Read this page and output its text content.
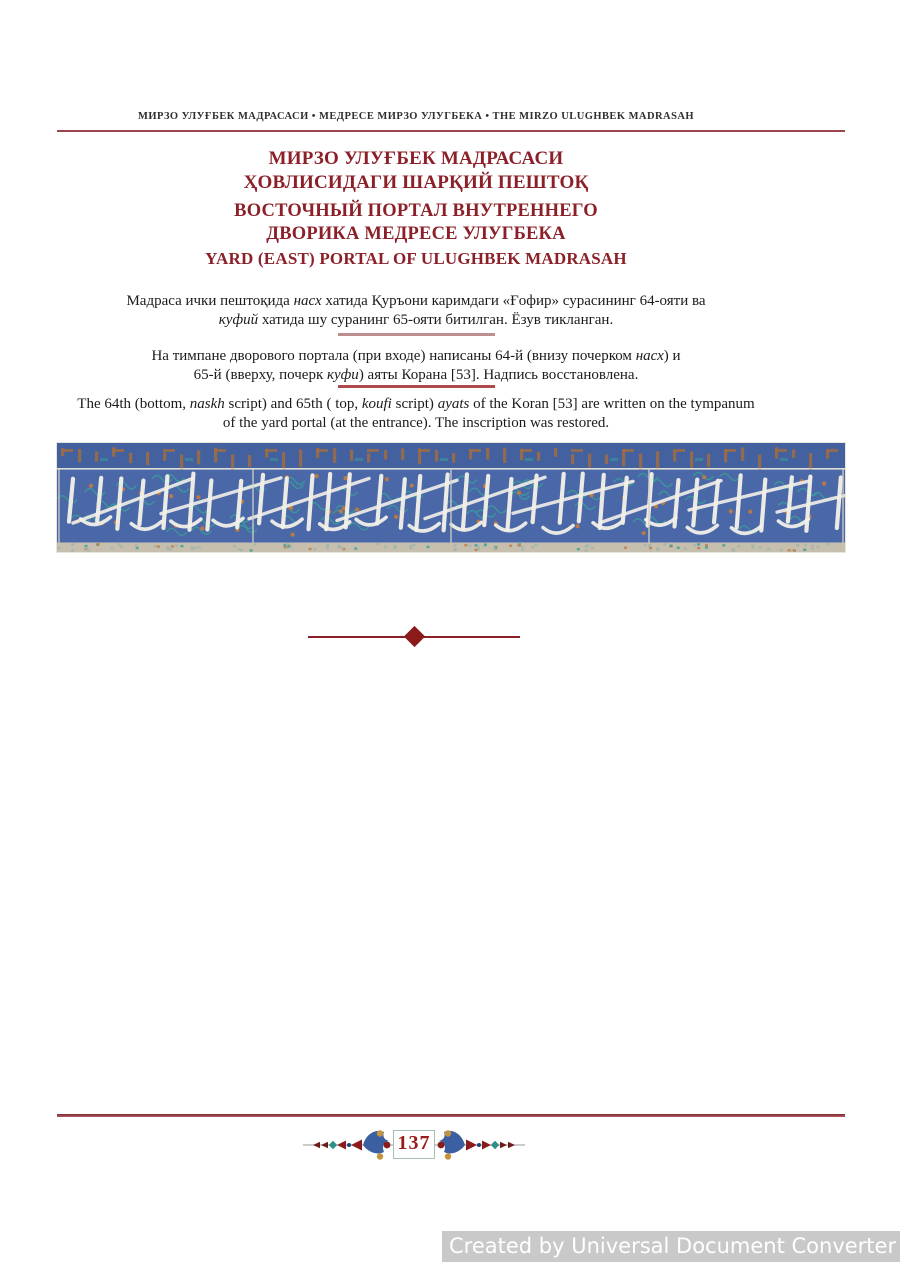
МИРЗО УЛУҒБЕК МАДРАСАСИ • МЕДРЕСЕ МИРЗО УЛУГБЕКА • THE MIRZO ULUGHBEK MADRASAH
МИРЗО УЛУҒБЕК МАДРАСАСИ
ҲОВЛИСИДАГИ ШАРҚИЙ ПЕШТОҚ
ВОСТОЧНЫЙ ПОРТАЛ ВНУТРЕННЕГО
ДВОРИКА МЕДРЕСЕ УЛУГБЕКА
YARD (EAST) PORTAL OF ULUGHBEK MADRASAH

Мадраса ички пештоқида насх хатида Қуръони каримдаги «Ғофир» сурасининг 64-ояти ва
куфий хатида шу суранинг 65-ояти битилган. Ёзув тикланган.

На тимпане дворового портала (при входе) написаны 64-й (внизу почерком насх) и
65-й (вверху, почерк куфи) аяты Корана [53]. Надпись восстановлена.

The 64th (bottom, naskh script) and 65th ( top, koufi script) ayats of the Koran [53] are written on the tympanum
of the yard portal (at the entrance). The inscription was restored.

137
Created by Universal Document Converter
